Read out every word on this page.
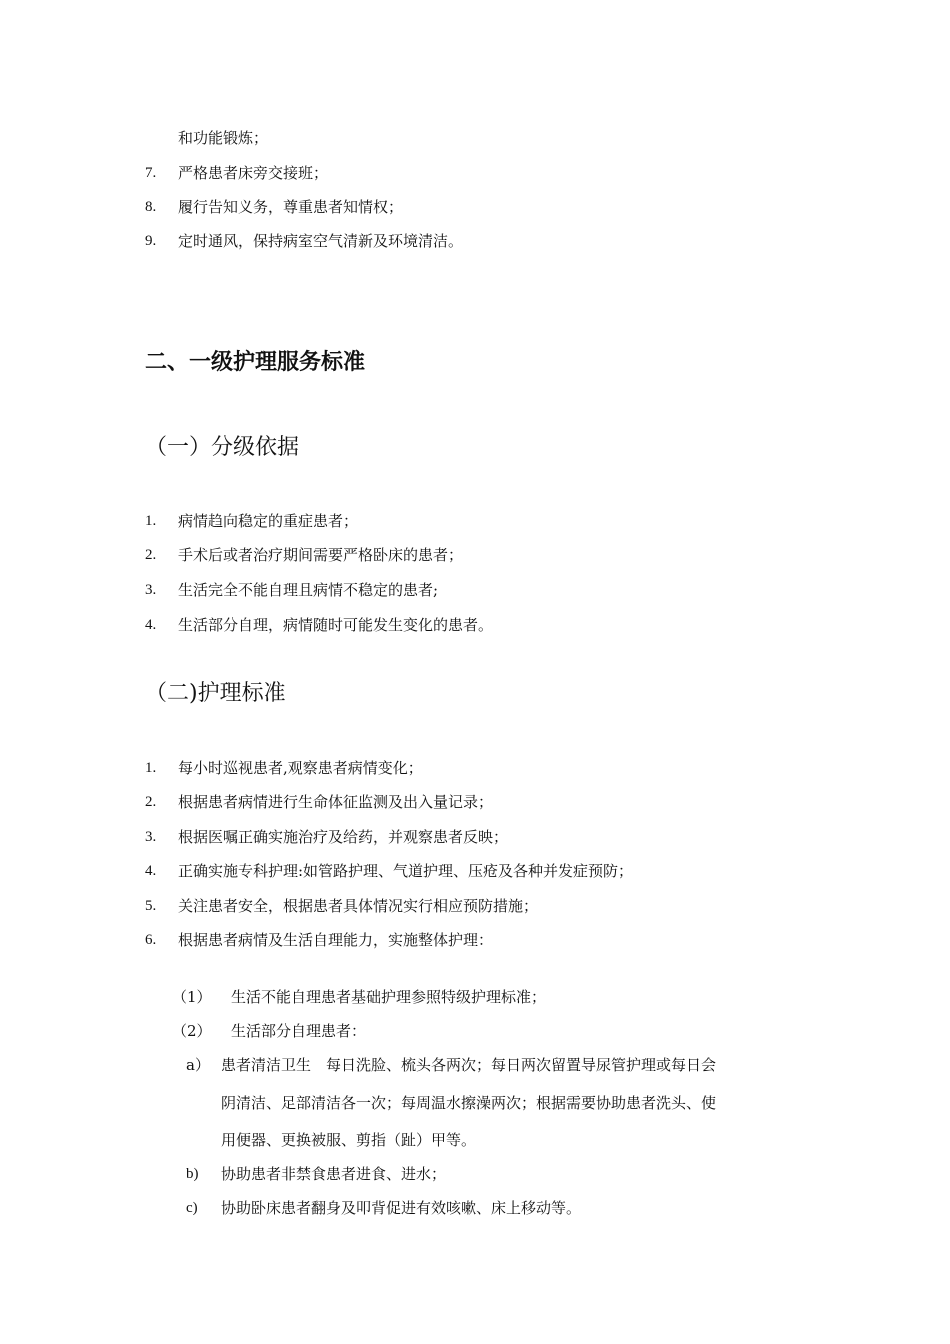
和功能锻炼；
7. 严格患者床旁交接班；
8. 履行告知义务，尊重患者知情权；
9. 定时通风，保持病室空气清新及环境清洁。
二、一级护理服务标准
（一）分级依据
1. 病情趋向稳定的重症患者；
2. 手术后或者治疗期间需要严格卧床的患者；
3. 生活完全不能自理且病情不稳定的患者;
4. 生活部分自理，病情随时可能发生变化的患者。
（二)护理标准
1. 每小时巡视患者,观察患者病情变化；
2. 根据患者病情进行生命体征监测及出入量记录；
3. 根据医嘱正确实施治疗及给药，并观察患者反映；
4. 正确实施专科护理:如管路护理、气道护理、压疮及各种并发症预防；
5. 关注患者安全，根据患者具体情况实行相应预防措施；
6. 根据患者病情及生活自理能力，实施整体护理：
（1） 生活不能自理患者基础护理参照特级护理标准；
（2） 生活部分自理患者：
a） 患者清洁卫生　每日洗脸、梳头各两次；每日两次留置导尿管护理或每日会
阴清洁、足部清洁各一次；每周温水擦澡两次；根据需要协助患者洗头、使
用便器、更换被服、剪指（趾）甲等。
b) 协助患者非禁食患者进食、进水；
c) 协助卧床患者翻身及叩背促进有效咳嗽、床上移动等。
